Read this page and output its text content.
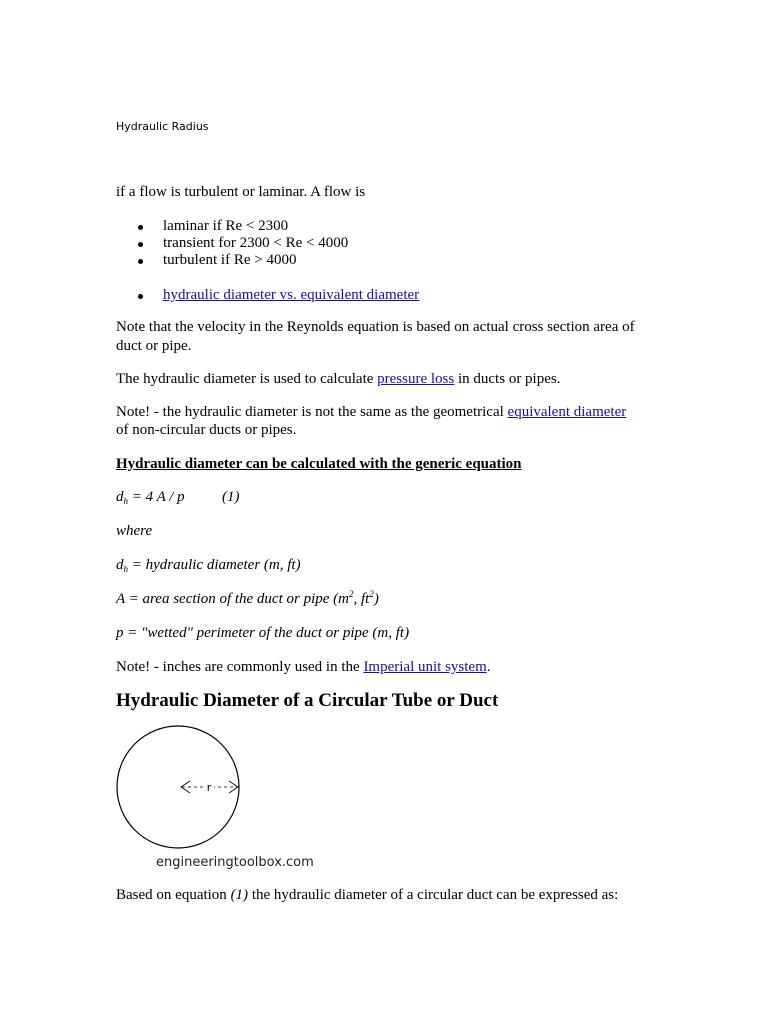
Hydraulic Radius
if a flow is turbulent or laminar. A flow is
laminar if Re < 2300
transient for 2300 < Re < 4000
turbulent if Re > 4000
hydraulic diameter vs. equivalent diameter
Note that the velocity in the Reynolds equation is based on actual cross section area of
duct or pipe.
The hydraulic diameter is used to calculate pressure loss in ducts or pipes.
Note! - the hydraulic diameter is not the same as the geometrical equivalent diameter
of non-circular ducts or pipes.
Hydraulic diameter can be calculated with the generic equation
$d_h = 4$ A / p (1)
where
$d_h$ = hydraulic diameter (m, ft)
A = area section of the duct or pipe ($m^2$, $ft^2$)
p = "wetted" perimeter of the duct or pipe (m, ft)
Note! - inches are commonly used in the Imperial unit system.
Hydraulic Diameter of a Circular Tube or Duct
r
engineeringtoolbox.com
Based on equation (1) the hydraulic diameter of a circular duct can be expressed as:
